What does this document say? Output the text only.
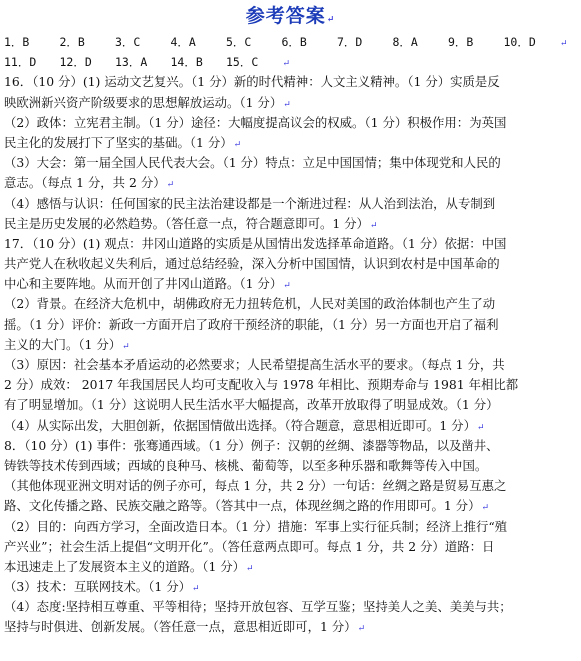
参考答案↵
1．B	2．B	3．C	4．A	5．C	6．B	7．D	8．A	9．B	10．D	↵
11．D 12．D 13．A 14．B 15．C	↵
16．（10 分）(1) 运动文艺复兴。（1 分）新的时代精神：人文主义精神。（1 分）实质是反
映欧洲新兴资产阶级要求的思想解放运动。（1 分）↵
（2）政体：立宪君主制。（1 分）途径：大幅度提高议会的权威。（1 分）积极作用：为英国
民主化的发展打下了坚实的基础。（1 分）↵
（3）大会：第一届全国人民代表大会。（1 分）特点：立足中国国情；集中体现党和人民的
意志。（每点 1 分，共 2 分）↵
（4）感悟与认识：任何国家的民主法治建设都是一个渐进过程：从人治到法治，从专制到
民主是历史发展的必然趋势。（答任意一点，符合题意即可。1 分）↵
17．（10 分）(1) 观点：井冈山道路的实质是从国情出发选择革命道路。（1 分）依据：中国
共产党人在秋收起义失利后，通过总结经验，深入分析中国国情，认识到农村是中国革命的
中心和主要阵地。从而开创了井冈山道路。（1 分）↵
（2）背景。在经济大危机中，胡佛政府无力扭转危机，人民对美国的政治体制也产生了动
摇。（1 分）评价：新政一方面开启了政府干预经济的职能，（1 分）另一方面也开启了福利
主义的大门。（1 分）↵
（3）原因：社会基本矛盾运动的必然要求；人民希望提高生活水平的要求。（每点 1 分，共
2 分）成效： 2017 年我国居民人均可支配收入与 1978 年相比、预期寿命与 1981 年相比都
有了明显增加。（1 分）这说明人民生活水平大幅提高，改革开放取得了明显成效。（1 分）
（4）从实际出发，大胆创新，依据国情做出选择。（符合题意，意思相近即可。1 分）↵
8．（10 分）(1) 事件：张骞通西域。（1 分）例子：汉朝的丝绸、漆器等物品，以及凿井、
铸铁等技术传到西域；西域的良种马、核桃、葡萄等，以至多种乐器和歌舞等传入中国。
（其他体现亚洲文明对话的例子亦可，每点 1 分，共 2 分）一句话：丝绸之路是贸易互惠之
路、文化传播之路、民族交融之路等。（答其中一点，体现丝绸之路的作用即可。1 分）↵
（2）目的：向西方学习，全面改造日本。（1 分）措施：军事上实行征兵制；经济上推行“殖
产兴业”；社会生活上提倡“文明开化”。（答任意两点即可。每点 1 分，共 2 分）道路：日
本迅速走上了发展资本主义的道路。（1 分）↵
（3）技术：互联网技术。（1 分）↵
（4）态度:坚持相互尊重、平等相待；坚持开放包容、互学互鉴；坚持美人之美、美美与共；
坚持与时俱进、创新发展。（答任意一点，意思相近即可，1 分）↵
